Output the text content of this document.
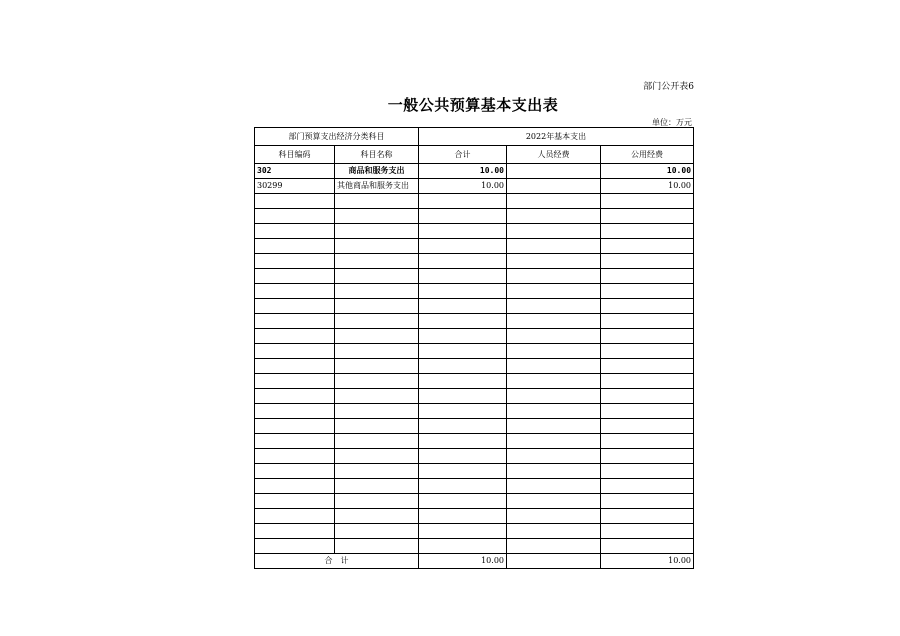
部门公开表6
一般公共预算基本支出表
单位：万元
部门预算支出经济分类科目		2022年基本支出		
科目编码	科目名称	合计	人员经费	公用经费
302	商品和服务支出	10.00		10.00
30299	其他商品和服务支出	10.00		10.00

合　计		10.00		10.00
